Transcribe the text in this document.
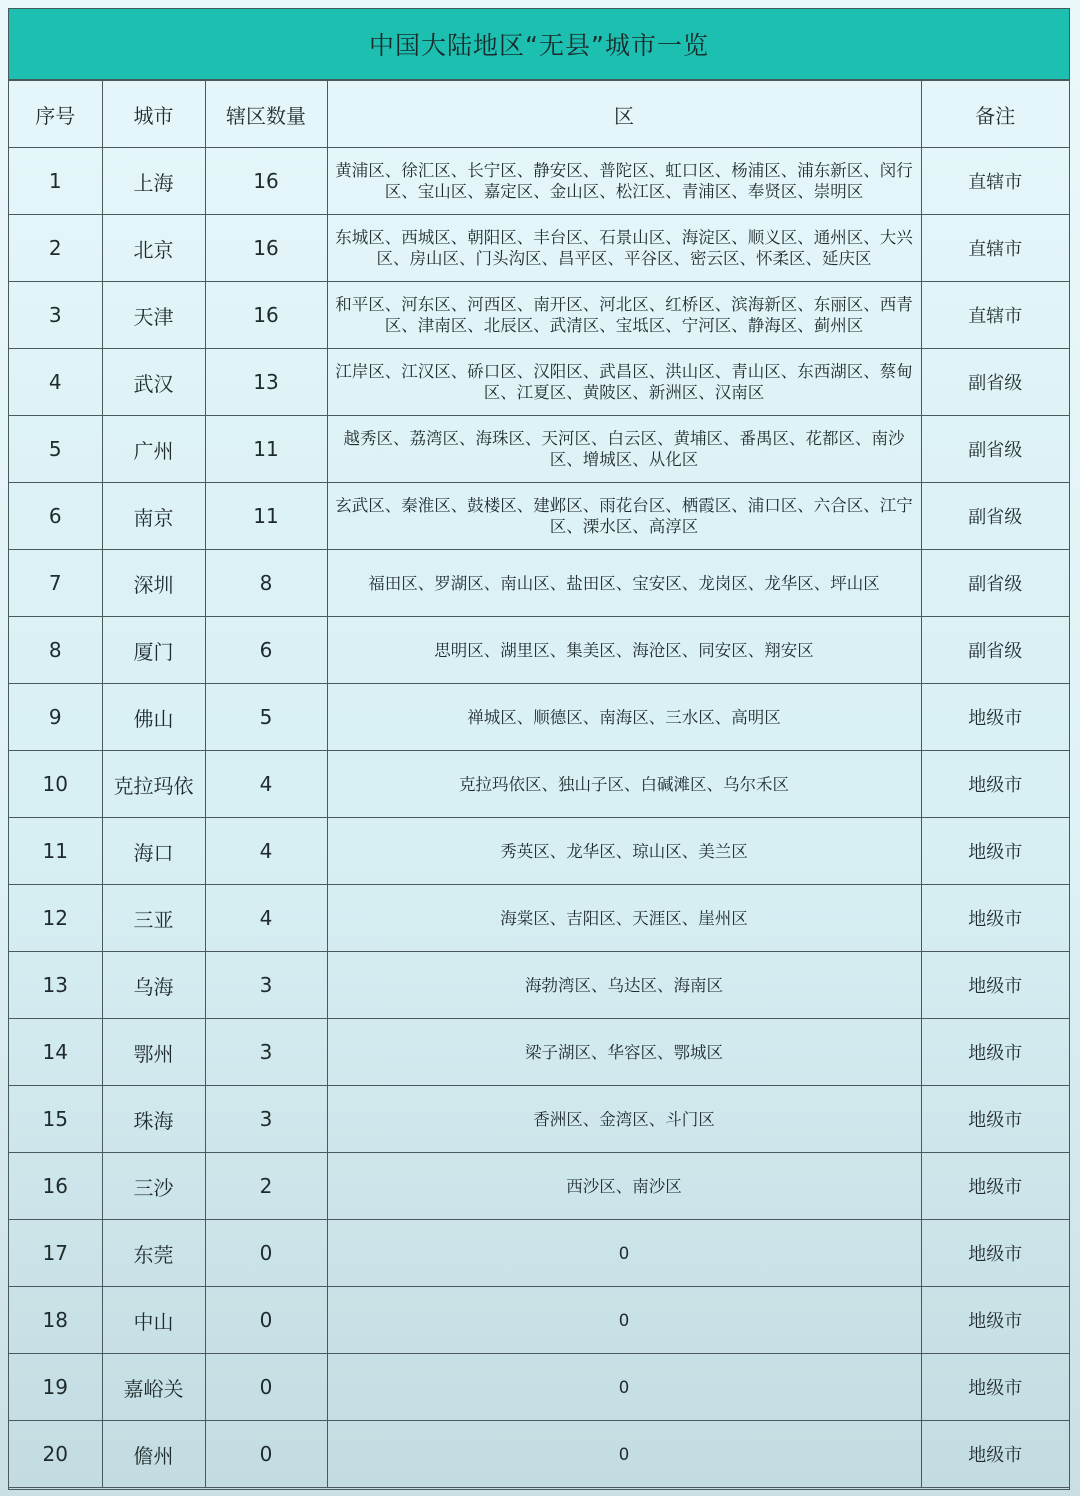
中国大陆地区“无县”城市一览
序号	城市	辖区数量	区	备注
1	上海	16	黄浦区、徐汇区、长宁区、静安区、普陀区、虹口区、杨浦区、浦东新区、闵行区、宝山区、嘉定区、金山区、松江区、青浦区、奉贤区、崇明区	直辖市
2	北京	16	东城区、西城区、朝阳区、丰台区、石景山区、海淀区、顺义区、通州区、大兴区、房山区、门头沟区、昌平区、平谷区、密云区、怀柔区、延庆区	直辖市
3	天津	16	和平区、河东区、河西区、南开区、河北区、红桥区、滨海新区、东丽区、西青区、津南区、北辰区、武清区、宝坻区、宁河区、静海区、蓟州区	直辖市
4	武汉	13	江岸区、江汉区、硚口区、汉阳区、武昌区、洪山区、青山区、东西湖区、蔡甸区、江夏区、黄陂区、新洲区、汉南区	副省级
5	广州	11	越秀区、荔湾区、海珠区、天河区、白云区、黄埔区、番禺区、花都区、南沙区、增城区、从化区	副省级
6	南京	11	玄武区、秦淮区、鼓楼区、建邺区、雨花台区、栖霞区、浦口区、六合区、江宁区、溧水区、高淳区	副省级
7	深圳	8	福田区、罗湖区、南山区、盐田区、宝安区、龙岗区、龙华区、坪山区	副省级
8	厦门	6	思明区、湖里区、集美区、海沧区、同安区、翔安区	副省级
9	佛山	5	禅城区、顺德区、南海区、三水区、高明区	地级市
10	克拉玛依	4	克拉玛依区、独山子区、白碱滩区、乌尔禾区	地级市
11	海口	4	秀英区、龙华区、琼山区、美兰区	地级市
12	三亚	4	海棠区、吉阳区、天涯区、崖州区	地级市
13	乌海	3	海勃湾区、乌达区、海南区	地级市
14	鄂州	3	梁子湖区、华容区、鄂城区	地级市
15	珠海	3	香洲区、金湾区、斗门区	地级市
16	三沙	2	西沙区、南沙区	地级市
17	东莞	0	0	地级市
18	中山	0	0	地级市
19	嘉峪关	0	0	地级市
20	儋州	0	0	地级市
